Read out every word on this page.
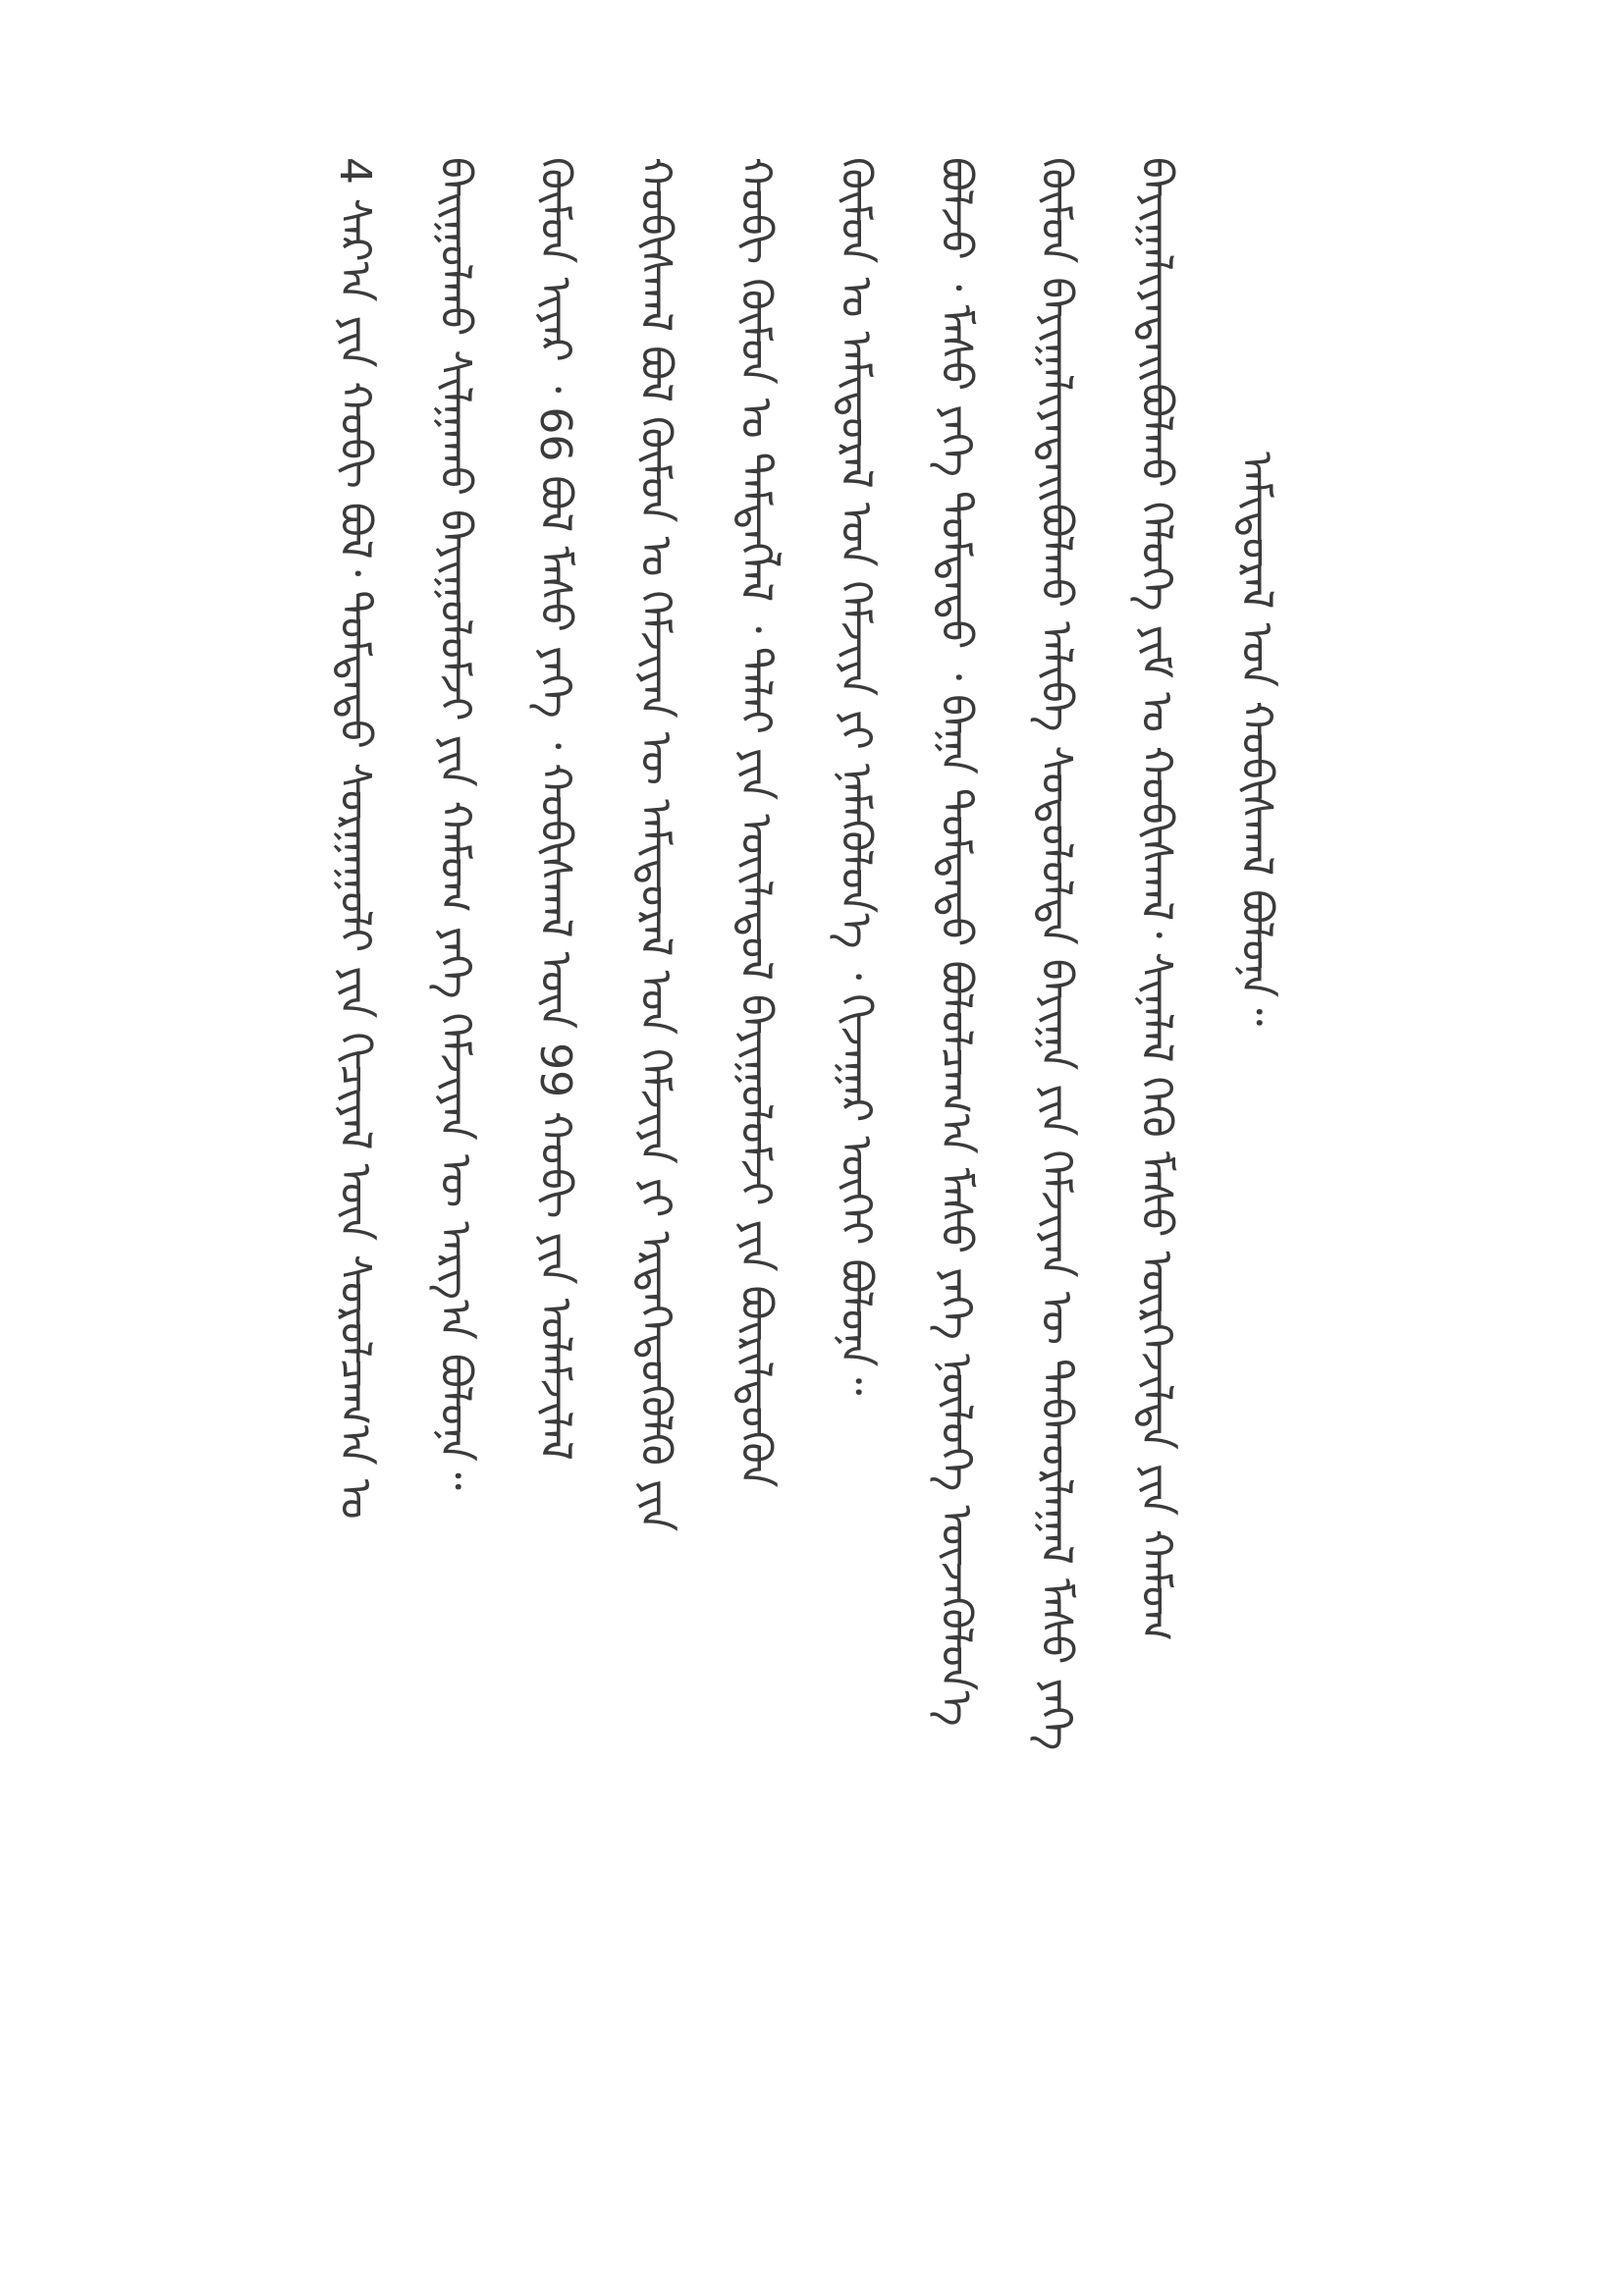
ᠠᠮᠢᠳᠤᠷᠠᠯ ᠤᠨ ᠬᠤᠪᠢᠰᠬᠠᠯ ᠪᠣᠯᠤᠨᠠ᠃
ᠪᠠᠶᠢᠭᠠᠯᠢᠶᠠᠲᠠᠢᠪᠣᠯᠬᠣ ᠭᠡᠯᠦᠭᠡ ᠶᠢᠮ ᠤ ᠬᠤᠪᠢᠰᠬᠠᠯ᠂ ᠰᠢᠨᠡᠯᠡᠯ ᠬᠡᠬᠦ ᠮᠠᠰᠤ ᠦᠷᠬᠡᠵᠢᠯᠲᠡ ᠶᠢᠨ ᠬᠠᠮᠤᠭ
ᠬᠦᠮᠦᠨ ᠪᠠᠶᠢᠭᠠᠯᠢᠶᠠᠲᠠᠢᠪᠣᠯᠬᠣ ᠠᠯᠢᠪᠠ ᠰᠣᠳᠤᠯᠤᠯᠲᠠ ᠪᠠᠶᠢᠭᠠ ᠶᠢᠨ ᠬᠡᠮᠵᠢᠶᠡᠨ ᠦ ᠳᠠᠪᠬᠤᠷᠯᠠᠭᠠᠯ ᠮᠠᠰᠤ ᠶᠡᠬᠡ
ᠪᠣᠯᠵᠤ ᠂ ᠮᠠᠰᠤ ᠶᠡᠬᠡ ᠳᠤᠮᠳᠠᠳᠤ ᠂ ᠪᠠᠭᠠ ᠳᠤᠮᠳᠠᠳᠤ ᠪᠣᠯᠤᠯᠴᠠᠭ᠎ᠠ ᠮᠠᠰᠤ ᠶᠡᠬᠡ ᠨᠥᠯᠦᠭᠡ ᠦᠵᠡᠭᠦᠯᠦᠨ᠎ᠡ
ᠬᠦᠮᠦᠨ ᠤ ᠠᠮᠢᠳᠤᠷᠠᠯ ᠤᠨ ᠬᠡᠮᠵᠢᠶᠡ ᠶᠢ ᠨᠡᠮᠡᠭᠦᠯᠦᠨ᠎ᠡ ᠂ ᠬᠢᠵᠠᠭᠠᠷ ᠦᠭᠡᠢ ᠪᠣᠯᠤᠨᠠ᠃
ᠬᠤᠪᠢ ᠬᠦᠮᠦᠨ ᠤ ᠲᠡᠮᠳᠡᠭᠯᠡᠯ ᠂ ᠳᠠᠯᠠᠢ ᠶᠢᠨ ᠦᠢᠯᠡᠳᠦᠯ ᠪᠠᠶᠢᠭᠤᠯᠤᠮᠵᠢ ᠶᠢᠨ ᠪᠦᠷᠢᠯᠳᠦᠭᠦᠨ
ᠬᠤᠪᠢᠰᠬᠠᠯ ᠪᠣᠯ ᠬᠦᠮᠦᠨ ᠤ ᠬᠡᠮᠵᠢᠶᠡᠨ ᠦ ᠠᠮᠢᠳᠤᠷᠠᠯ ᠤᠨ ᠬᠡᠮᠵᠢᠶᠡ ᠶᠢ ᠡᠷᠲᠡᠭᠡᠳᠦᠭᠦᠯᠬᠦ ᠶᠢᠨ
ᠬᠦᠮᠦᠨ ᠢᠶᠡᠷ ᠂ 66 ᠪᠣᠯ ᠮᠠᠰᠤ ᠶᠡᠬᠡ ᠂ ᠬᠤᠪᠢᠰᠬᠠᠯ ᠦᠨ 99 ᠬᠤᠪᠢ ᠶᠢᠨ ᠤᠯᠠᠮᠵᠢᠯᠠᠯ
ᠪᠠᠢᠭᠤᠯᠬᠤ ᠰᠢᠯᠭᠠᠬᠤ ᠪᠠᠶᠢᠭᠤᠯᠤᠮᠵᠢ ᠶᠢᠨ ᠬᠠᠮᠤᠭ ᠶᠡᠬᠡ ᠬᠡᠮᠵᠢᠶᠡᠨ ᠦ ᠠᠷᠭ᠎ᠠ ᠪᠣᠯᠤᠨᠠ᠃
4 ᠰᠠᠷ᠎ᠠ ᠶᠢᠨ ᠬᠤᠪᠢ ᠪᠣᠯ᠂ ᠳᠤᠮᠳᠠᠳᠤ ᠰᠤᠷᠭᠠᠭᠤᠯᠢ ᠶᠢᠨ ᠬᠢᠴᠢᠶᠡᠯ ᠦᠨ ᠰᠤᠷᠤᠯᠴᠠᠭ᠎ᠠ ᠤ
